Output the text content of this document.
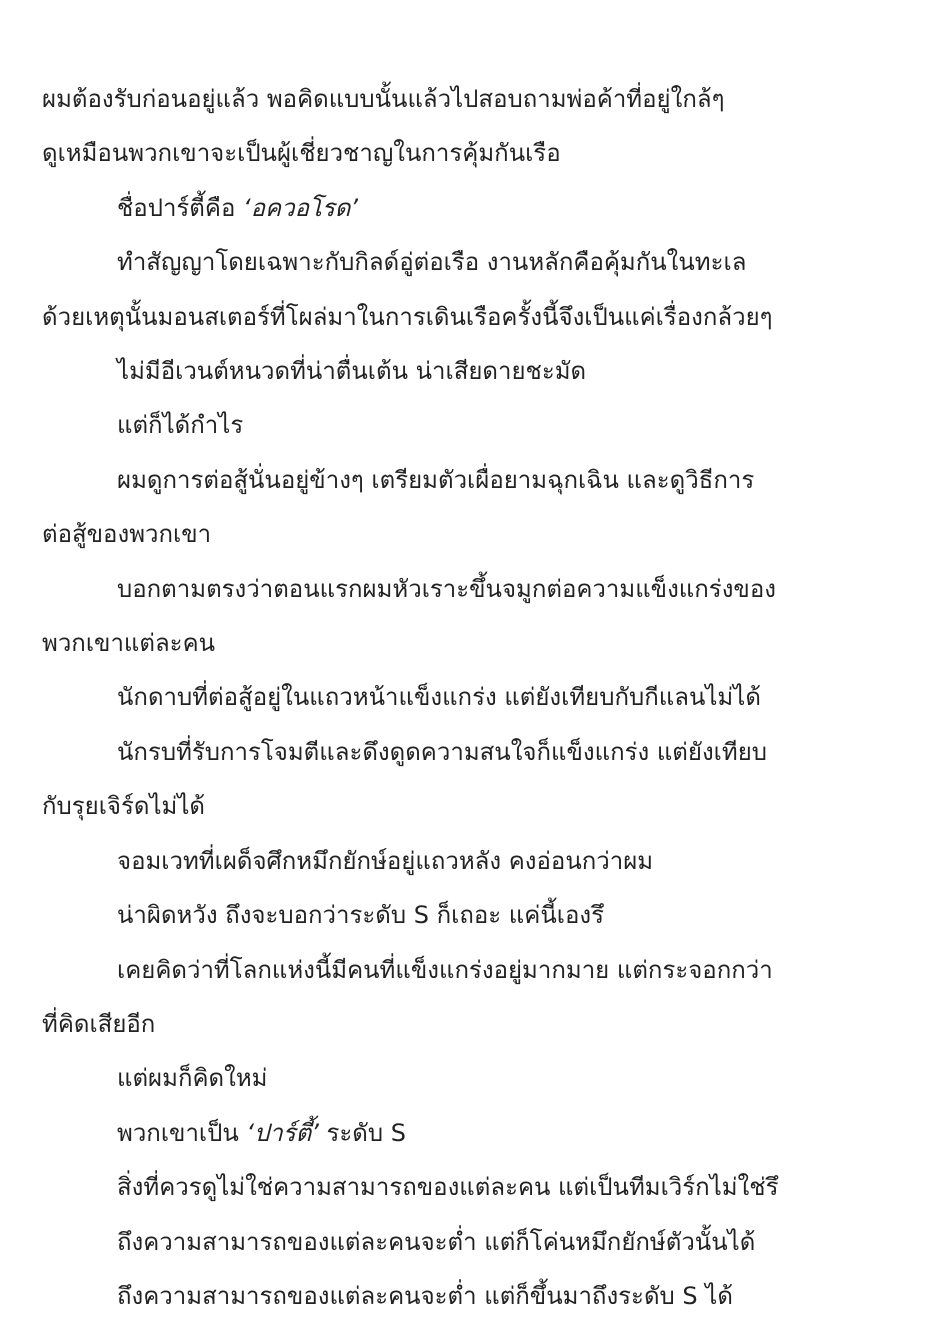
ผมต้องรับก่อนอยู่แล้ว พอคิดแบบนั้นแล้วไปสอบถามพ่อค้าที่อยู่ใกล้ๆ

ดูเหมือนพวกเขาจะเป็นผู้เชี่ยวชาญในการคุ้มกันเรือ

ชื่อปาร์ตี้คือ ‘อควอโรด’

ทำสัญญาโดยเฉพาะกับกิลด์อู่ต่อเรือ งานหลักคือคุ้มกันในทะเล

ด้วยเหตุนั้นมอนสเตอร์ที่โผล่มาในการเดินเรือครั้งนี้จึงเป็นแค่เรื่องกล้วยๆ

ไม่มีอีเวนต์หนวดที่น่าตื่นเต้น น่าเสียดายชะมัด

แต่ก็ได้กำไร

ผมดูการต่อสู้นั่นอยู่ข้างๆ เตรียมตัวเผื่อยามฉุกเฉิน และดูวิธีการ

ต่อสู้ของพวกเขา

บอกตามตรงว่าตอนแรกผมหัวเราะขึ้นจมูกต่อความแข็งแกร่งของ

พวกเขาแต่ละคน

นักดาบที่ต่อสู้อยู่ในแถวหน้าแข็งแกร่ง แต่ยังเทียบกับกีแลนไม่ได้

นักรบที่รับการโจมตีและดึงดูดความสนใจก็แข็งแกร่ง แต่ยังเทียบ

กับรุยเจิร์ดไม่ได้

จอมเวทที่เผด็จศึกหมึกยักษ์อยู่แถวหลัง คงอ่อนกว่าผม

น่าผิดหวัง ถึงจะบอกว่าระดับ S ก็เถอะ แค่นี้เองรึ

เคยคิดว่าที่โลกแห่งนี้มีคนที่แข็งแกร่งอยู่มากมาย แต่กระจอกกว่า

ที่คิดเสียอีก

แต่ผมก็คิดใหม่

พวกเขาเป็น ‘ปาร์ตี้’ ระดับ S

สิ่งที่ควรดูไม่ใช่ความสามารถของแต่ละคน แต่เป็นทีมเวิร์กไม่ใช่รึ

ถึงความสามารถของแต่ละคนจะต่ำ แต่ก็โค่นหมึกยักษ์ตัวนั้นได้

ถึงความสามารถของแต่ละคนจะต่ำ แต่ก็ขึ้นมาถึงระดับ S ได้
